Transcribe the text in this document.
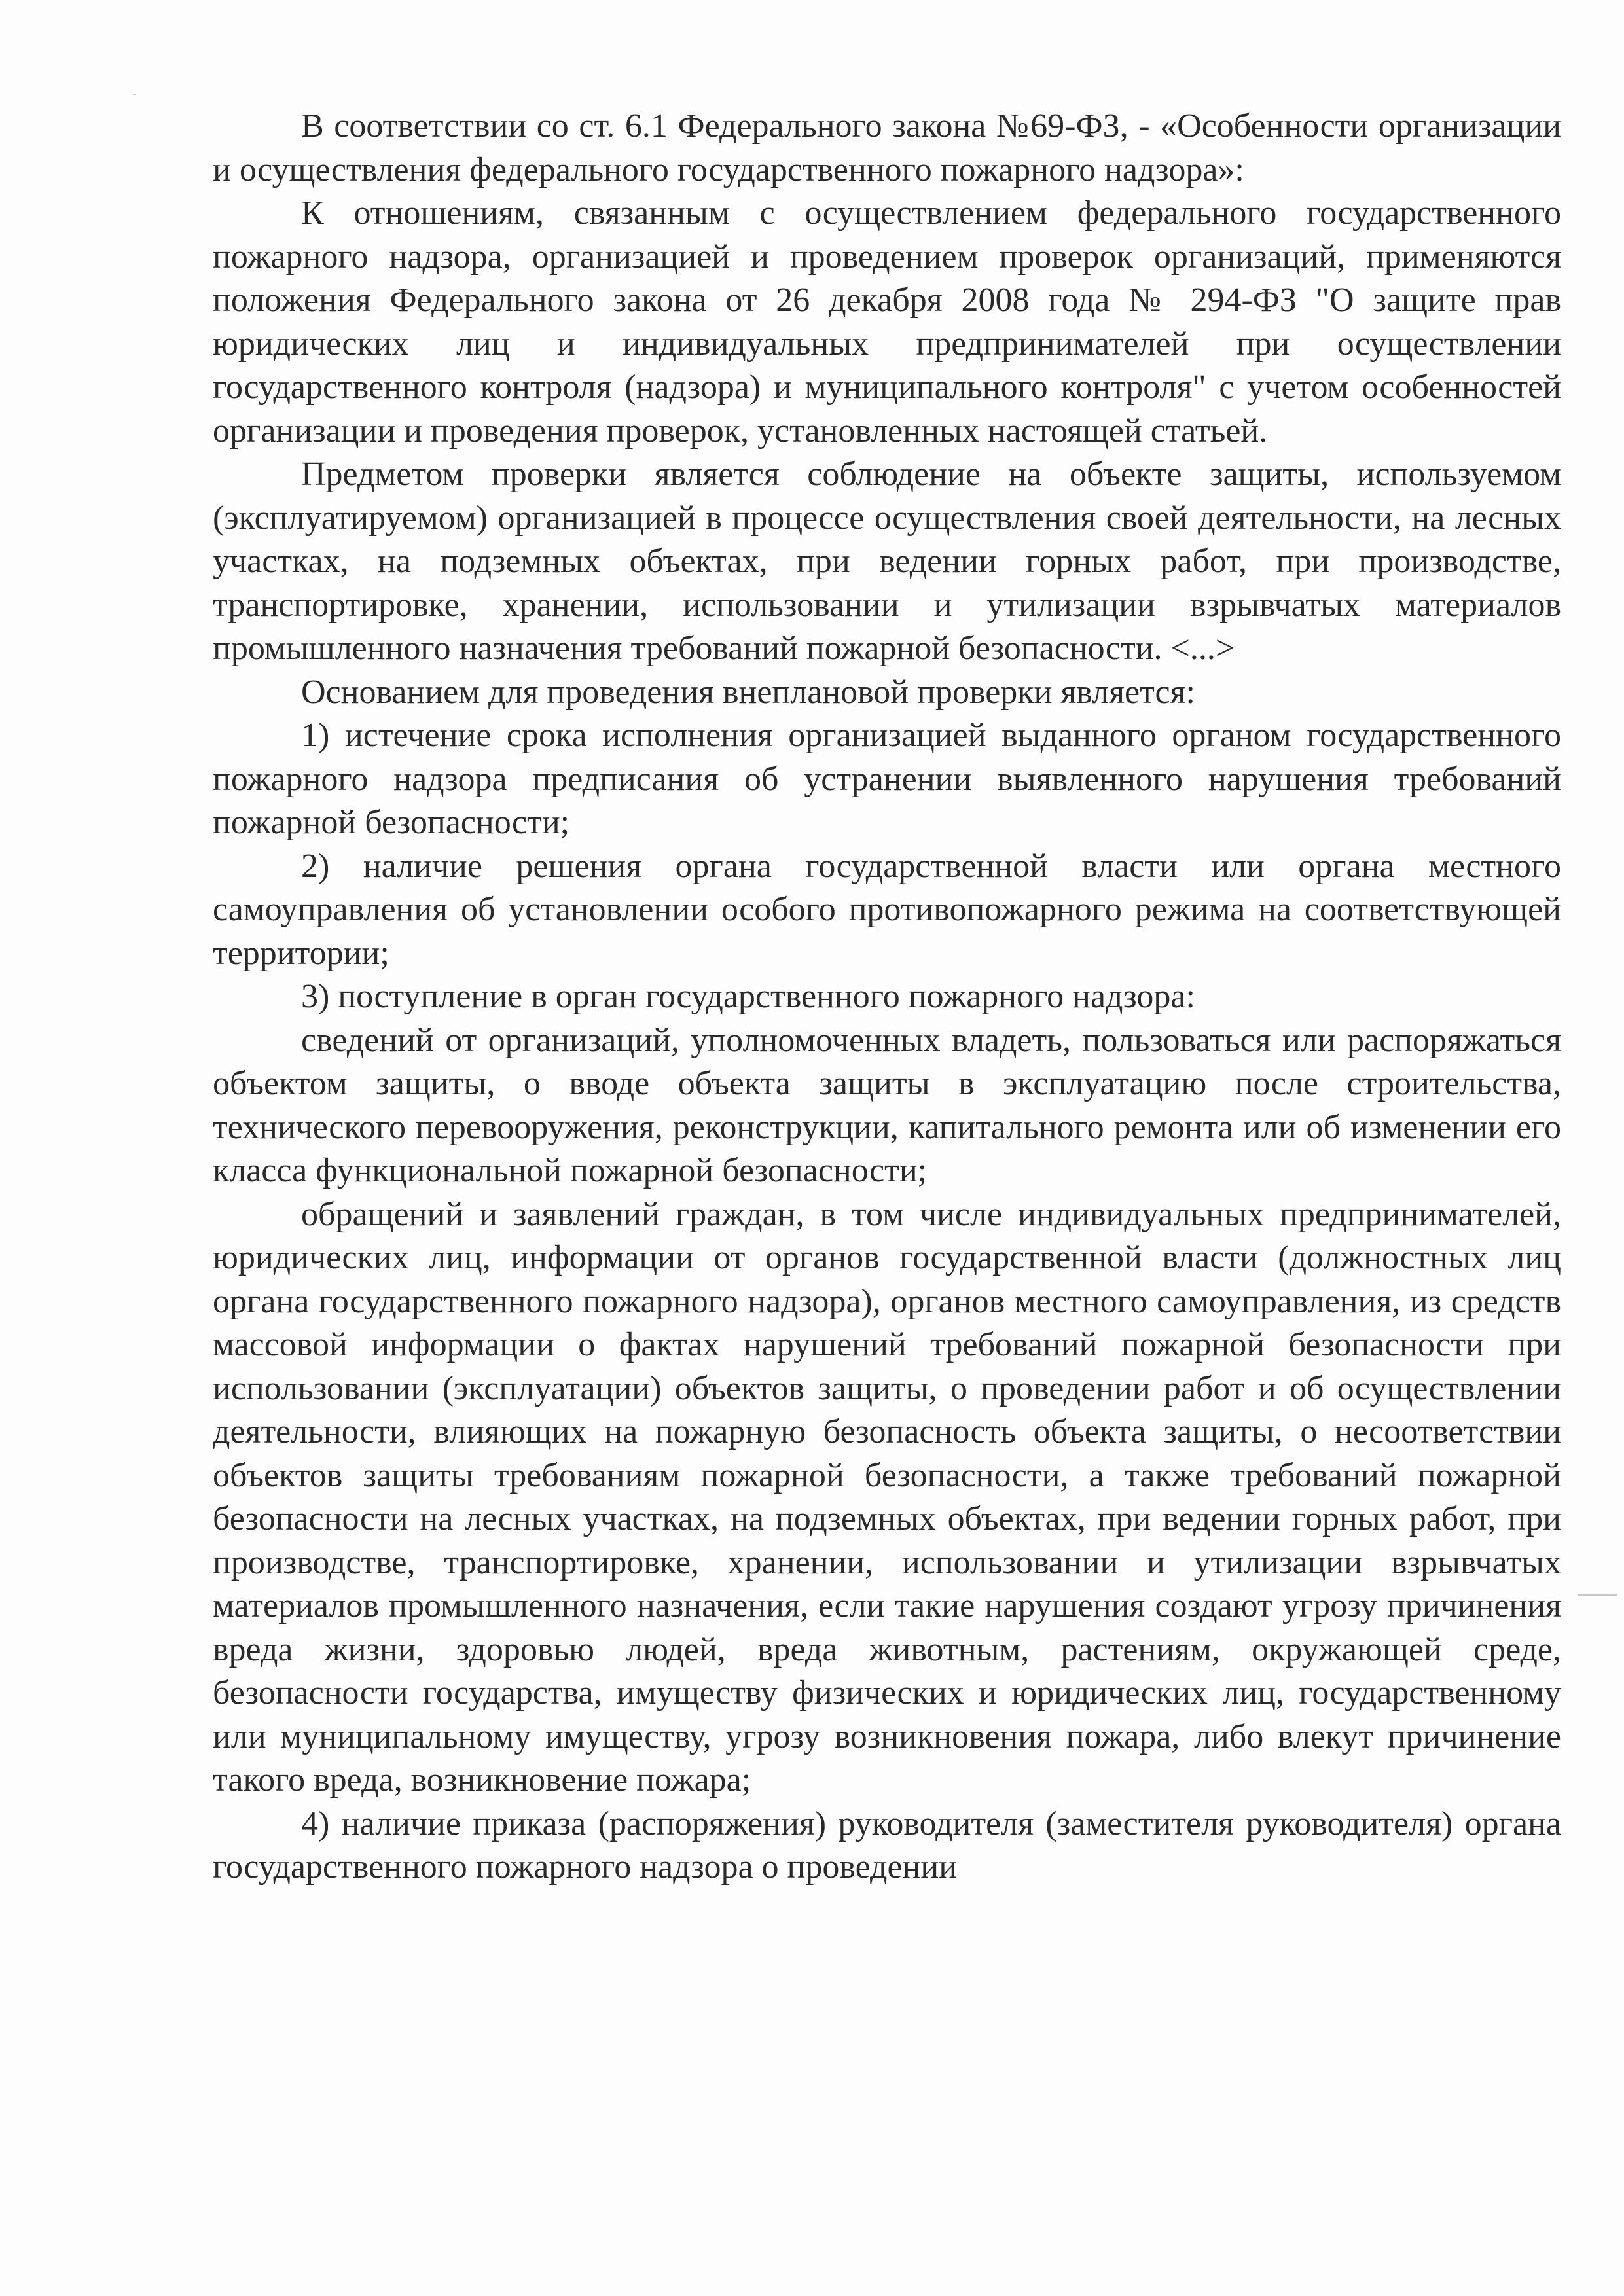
В соответствии со ст. 6.1 Федерального закона №69-ФЗ, - «Особенности организации и осуществления федерального государственного пожарного надзора»:

К отношениям, связанным с осуществлением федерального государственного пожарного надзора, организацией и проведением проверок организаций, применяются положения Федерального закона от 26 декабря 2008 года № 294-ФЗ "О защите прав юридических лиц и индивидуальных предпринимателей при осуществлении государственного контроля (надзора) и муниципального контроля" с учетом особенностей организации и проведения проверок, установленных настоящей статьей.

Предметом проверки является соблюдение на объекте защиты, используемом (эксплуатируемом) организацией в процессе осуществления своей деятельности, на лесных участках, на подземных объектах, при ведении горных работ, при производстве, транспортировке, хранении, использовании и утилизации взрывчатых материалов промышленного назначения требований пожарной безопасности. <...>

Основанием для проведения внеплановой проверки является:

1) истечение срока исполнения организацией выданного органом государственного пожарного надзора предписания об устранении выявленного нарушения требований пожарной безопасности;

2) наличие решения органа государственной власти или органа местного самоуправления об установлении особого противопожарного режима на соответствующей территории;

3) поступление в орган государственного пожарного надзора:

сведений от организаций, уполномоченных владеть, пользоваться или распоряжаться объектом защиты, о вводе объекта защиты в эксплуатацию после строительства, технического перевооружения, реконструкции, капитального ремонта или об изменении его класса функциональной пожарной безопасности;

обращений и заявлений граждан, в том числе индивидуальных предпринимателей, юридических лиц, информации от органов государственной власти (должностных лиц органа государственного пожарного надзора), органов местного самоуправления, из средств массовой информации о фактах нарушений требований пожарной безопасности при использовании (эксплуатации) объектов защиты, о проведении работ и об осуществлении деятельности, влияющих на пожарную безопасность объекта защиты, о несоответствии объектов защиты требованиям пожарной безопасности, а также требований пожарной безопасности на лесных участках, на подземных объектах, при ведении горных работ, при производстве, транспортировке, хранении, использовании и утилизации взрывчатых материалов промышленного назначения, если такие нарушения создают угрозу причинения вреда жизни, здоровью людей, вреда животным, растениям, окружающей среде, безопасности государства, имуществу физических и юридических лиц, государственному или муниципальному имуществу, угрозу возникновения пожара, либо влекут причинение такого вреда, возникновение пожара;

4) наличие приказа (распоряжения) руководителя (заместителя руководителя) органа государственного пожарного надзора о проведении
